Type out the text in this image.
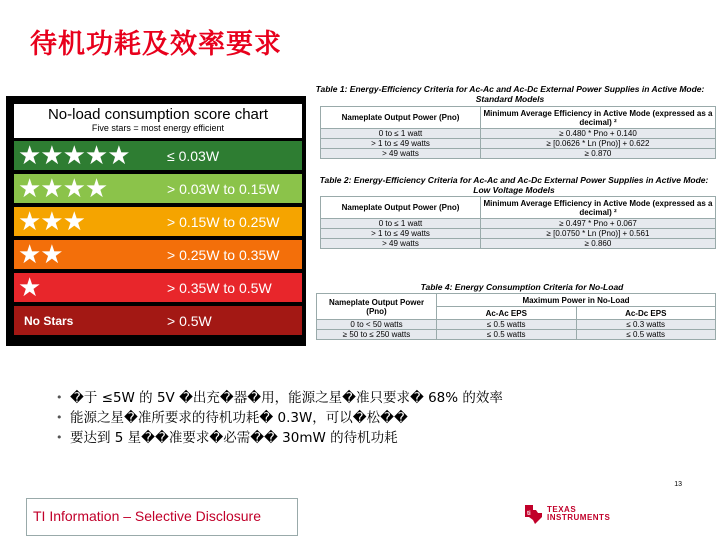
待机功耗及效率要求
No-load consumption score chart
Five stars = most energy efficient
★★★★★	≤ 0.03W
★★★★	> 0.03W to 0.15W
★★★	> 0.15W to 0.25W
★★	> 0.25W to 0.35W
★	> 0.35W to 0.5W
No Stars	> 0.5W
Table 1: Energy-Efficiency Criteria for Ac-Ac and Ac-Dc External Power Supplies in Active Mode: Standard Models
Nameplate Output Power (Pno)	Minimum Average Efficiency in Active Mode (expressed as a decimal) ²
0 to ≤ 1 watt	≥ 0.480 * Pno + 0.140
> 1 to ≤ 49 watts	≥ [0.0626 * Ln (Pno)] + 0.622
> 49 watts	≥ 0.870
Table 2: Energy-Efficiency Criteria for Ac-Ac and Ac-Dc External Power Supplies in Active Mode: Low Voltage Models
Nameplate Output Power (Pno)	Minimum Average Efficiency in Active Mode (expressed as a decimal) ²
0 to ≤ 1 watt	≥ 0.497 * Pno + 0.067
> 1 to ≤ 49 watts	≥ [0.0750 * Ln (Pno)] + 0.561
> 49 watts	≥ 0.860
Table 4: Energy Consumption Criteria for No-Load
Nameplate Output Power (Pno)	Maximum Power in No-Load	
	Ac-Ac EPS	Ac-Dc EPS
0 to < 50 watts	≤ 0.5 watts	≤ 0.3 watts
≥ 50 to ≤ 250 watts	≤ 0.5 watts	≤ 0.5 watts
• �于 ≤5W 的 5V �出充�器�用，能源之星�准只要求� 68% 的效率
• 能源之星�准所要求的待机功耗� 0.3W，可以�松��
• 要达到 5 星��准要求�必需�� 30mW 的待机功耗
13
TI Information – Selective Disclosure	ti TEXAS
INSTRUMENTS
